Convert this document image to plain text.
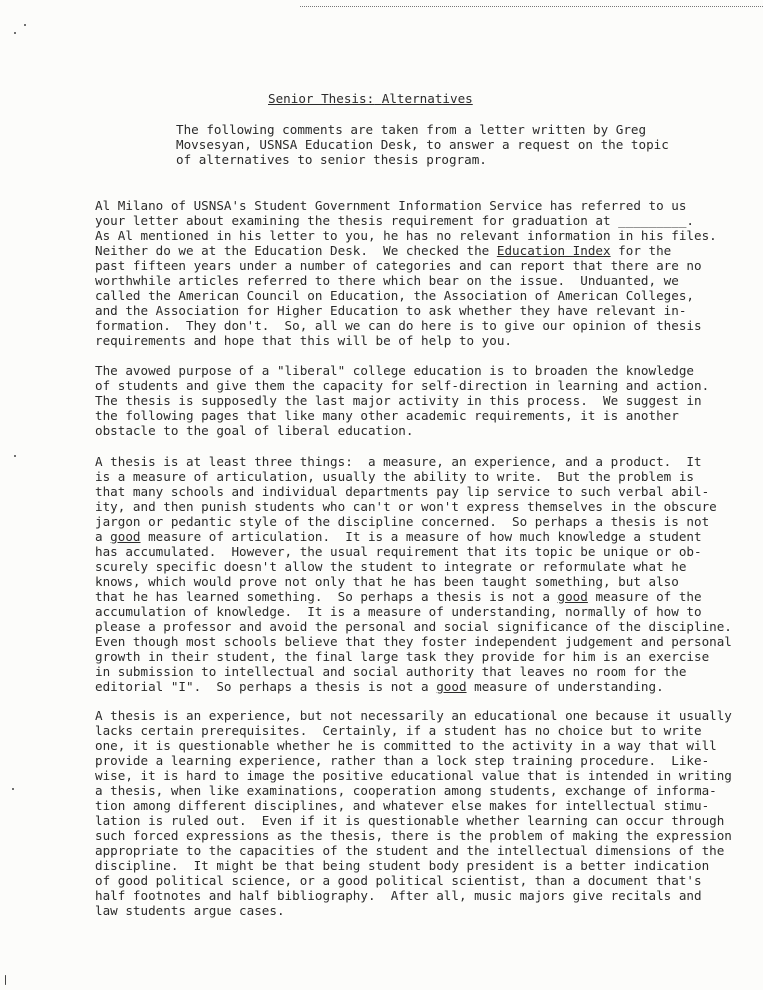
Senior Thesis: Alternatives
The following comments are taken from a letter written by Greg
Movsesyan, USNSA Education Desk, to answer a request on the topic
of alternatives to senior thesis program.
Al Milano of USNSA's Student Government Information Service has referred to us
your letter about examining the thesis requirement for graduation at _________.
As Al mentioned in his letter to you, he has no relevant information in his files.
Neither do we at the Education Desk.  We checked the Education Index for the
past fifteen years under a number of categories and can report that there are no
worthwhile articles referred to there which bear on the issue.  Unduanted, we
called the American Council on Education, the Association of American Colleges,
and the Association for Higher Education to ask whether they have relevant in-
formation.  They don't.  So, all we can do here is to give our opinion of thesis
requirements and hope that this will be of help to you.
The avowed purpose of a "liberal" college education is to broaden the knowledge
of students and give them the capacity for self-direction in learning and action.
The thesis is supposedly the last major activity in this process.  We suggest in
the following pages that like many other academic requirements, it is another
obstacle to the goal of liberal education.
A thesis is at least three things:  a measure, an experience, and a product.  It
is a measure of articulation, usually the ability to write.  But the problem is
that many schools and individual departments pay lip service to such verbal abil-
ity, and then punish students who can't or won't express themselves in the obscure
jargon or pedantic style of the discipline concerned.  So perhaps a thesis is not
a good measure of articulation.  It is a measure of how much knowledge a student
has accumulated.  However, the usual requirement that its topic be unique or ob-
scurely specific doesn't allow the student to integrate or reformulate what he
knows, which would prove not only that he has been taught something, but also
that he has learned something.  So perhaps a thesis is not a good measure of the
accumulation of knowledge.  It is a measure of understanding, normally of how to
please a professor and avoid the personal and social significance of the discipline.
Even though most schools believe that they foster independent judgement and personal
growth in their student, the final large task they provide for him is an exercise
in submission to intellectual and social authority that leaves no room for the
editorial "I".  So perhaps a thesis is not a good measure of understanding.
A thesis is an experience, but not necessarily an educational one because it usually
lacks certain prerequisites.  Certainly, if a student has no choice but to write
one, it is questionable whether he is committed to the activity in a way that will
provide a learning experience, rather than a lock step training procedure.  Like-
wise, it is hard to image the positive educational value that is intended in writing
a thesis, when like examinations, cooperation among students, exchange of informa-
tion among different disciplines, and whatever else makes for intellectual stimu-
lation is ruled out.  Even if it is questionable whether learning can occur through
such forced expressions as the thesis, there is the problem of making the expression
appropriate to the capacities of the student and the intellectual dimensions of the
discipline.  It might be that being student body president is a better indication
of good political science, or a good political scientist, than a document that's
half footnotes and half bibliography.  After all, music majors give recitals and
law students argue cases.
